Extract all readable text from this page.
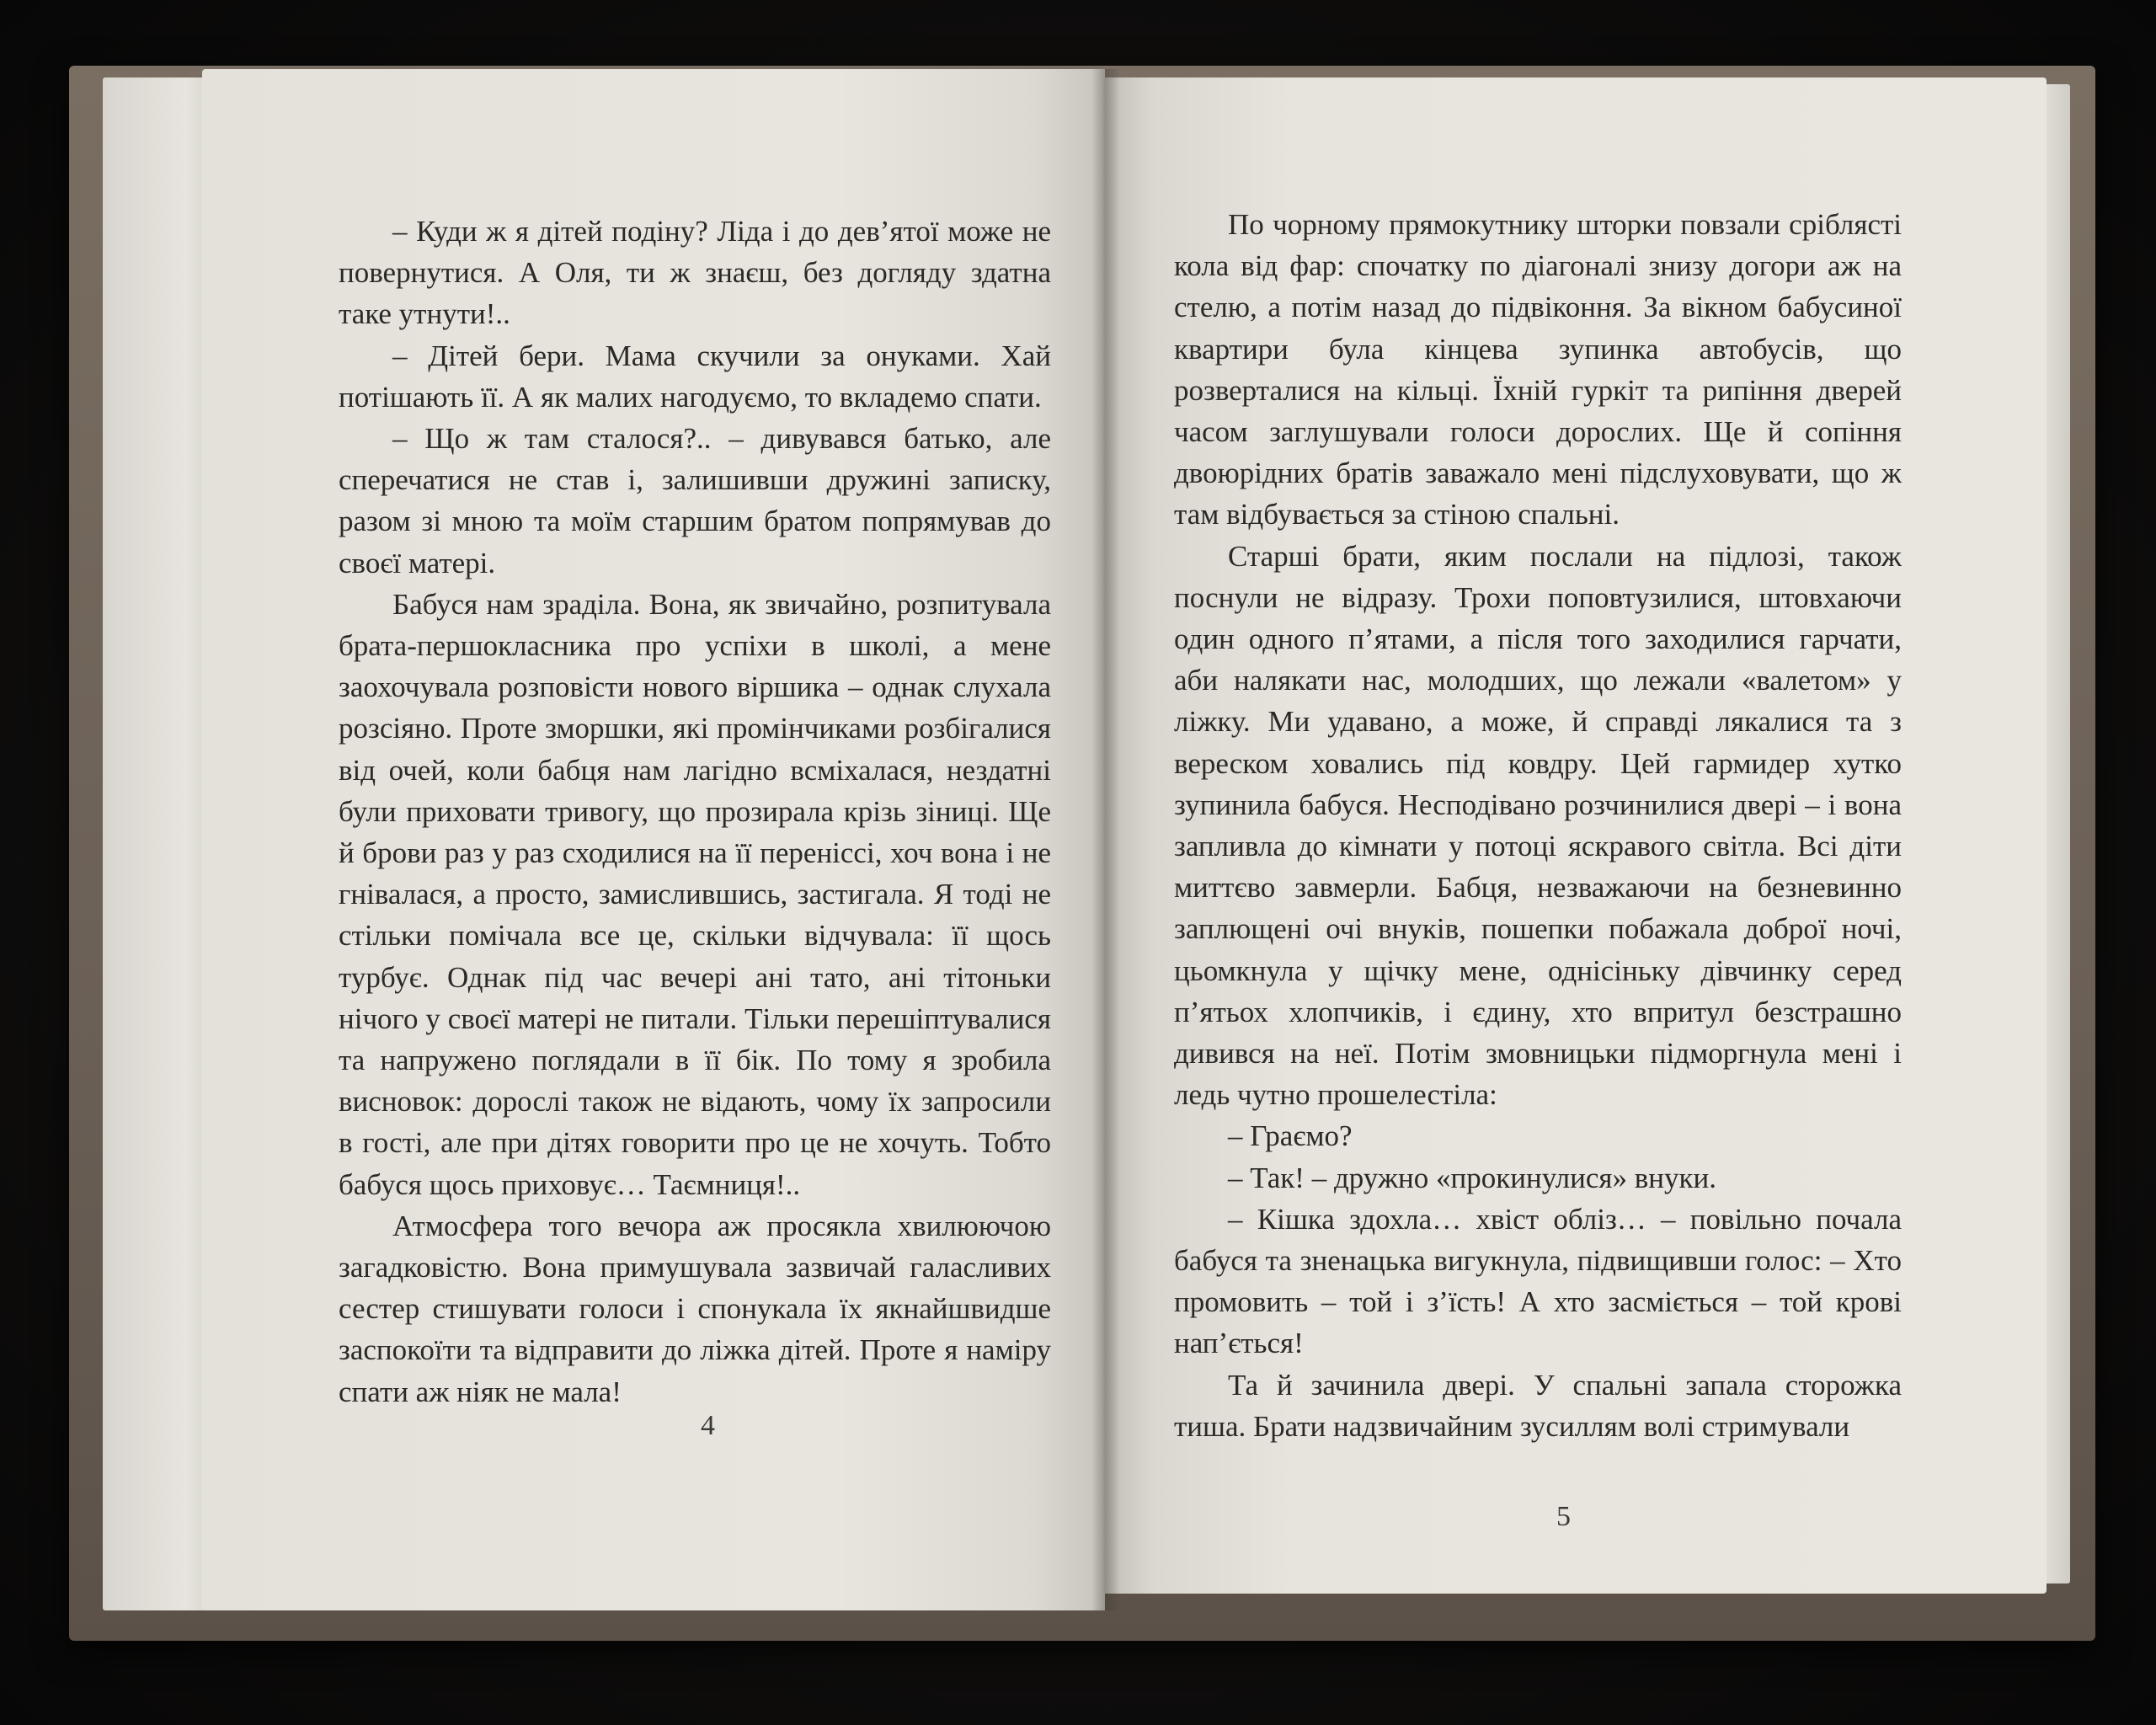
– Куди ж я дітей подіну? Ліда і до дев’ятої може не повернутися. А Оля, ти ж знаєш, без догляду здатна таке утнути!..

– Дітей бери. Мама скучили за онуками. Хай потішають її. А як малих нагодуємо, то вкладемо спати.

– Що ж там сталося?.. – дивувався батько, але сперечатися не став і, залишивши дружині записку, разом зі мною та моїм старшим братом попрямував до своєї матері.

Бабуся нам зраділа. Вона, як звичайно, розпитувала брата-першокласника про успіхи в школі, а мене заохочувала розповісти нового віршика – однак слухала розсіяно. Проте зморшки, які промінчиками розбігалися від очей, коли бабця нам лагідно всміхалася, нездатні були приховати тривогу, що прозирала крізь зіниці. Ще й брови раз у раз сходилися на її переніссі, хоч вона і не гнівалася, а просто, замислившись, застигала. Я тоді не стільки помічала все це, скільки відчувала: її щось турбує. Однак під час вечері ані тато, ані тітоньки нічого у своєї матері не питали. Тільки перешіптувалися та напружено поглядали в її бік. По тому я зробила висновок: дорослі також не відають, чому їх запросили в гості, але при дітях говорити про це не хочуть. Тобто бабуся щось приховує… Таємниця!..

Атмосфера того вечора аж просякла хвилюючою загадковістю. Вона примушувала зазвичай галасливих сестер стишувати голоси і спонукала їх якнайшвидше заспокоїти та відправити до ліжка дітей. Проте я наміру спати аж ніяк не мала!

4

По чорному прямокутнику шторки повзали сріблясті кола від фар: спочатку по діагоналі знизу догори аж на стелю, а потім назад до підвіконня. За вікном бабусиної квартири була кінцева зупинка автобусів, що розверталися на кільці. Їхній гуркіт та рипіння дверей часом заглушували голоси дорослих. Ще й сопіння двоюрідних братів заважало мені підслуховувати, що ж там відбувається за стіною спальні.

Старші брати, яким послали на підлозі, також поснули не відразу. Трохи поповтузилися, штовхаючи один одного п’ятами, а після того заходилися гарчати, аби налякати нас, молодших, що лежали «валетом» у ліжку. Ми удавано, а може, й справді лякалися та з вереском ховались під ковдру. Цей гармидер хутко зупинила бабуся. Несподівано розчинилися двері – і вона запливла до кімнати у потоці яскравого світла. Всі діти миттєво завмерли. Бабця, незважаючи на безневинно заплющені очі внуків, пошепки побажала доброї ночі, цьомкнула у щічку мене, однісіньку дівчинку серед п’ятьох хлопчиків, і єдину, хто впритул безстрашно дивився на неї. Потім змовницьки підморгнула мені і ледь чутно прошелестіла:

– Граємо?

– Так! – дружно «прокинулися» внуки.

– Кішка здохла… хвіст обліз… – повільно почала бабуся та зненацька вигукнула, підвищивши голос: – Хто промовить – той і з’їсть! А хто засміється – той крові нап’ється!

Та й зачинила двері. У спальні запала сторожка тиша. Брати надзвичайним зусиллям волі стримували

5
